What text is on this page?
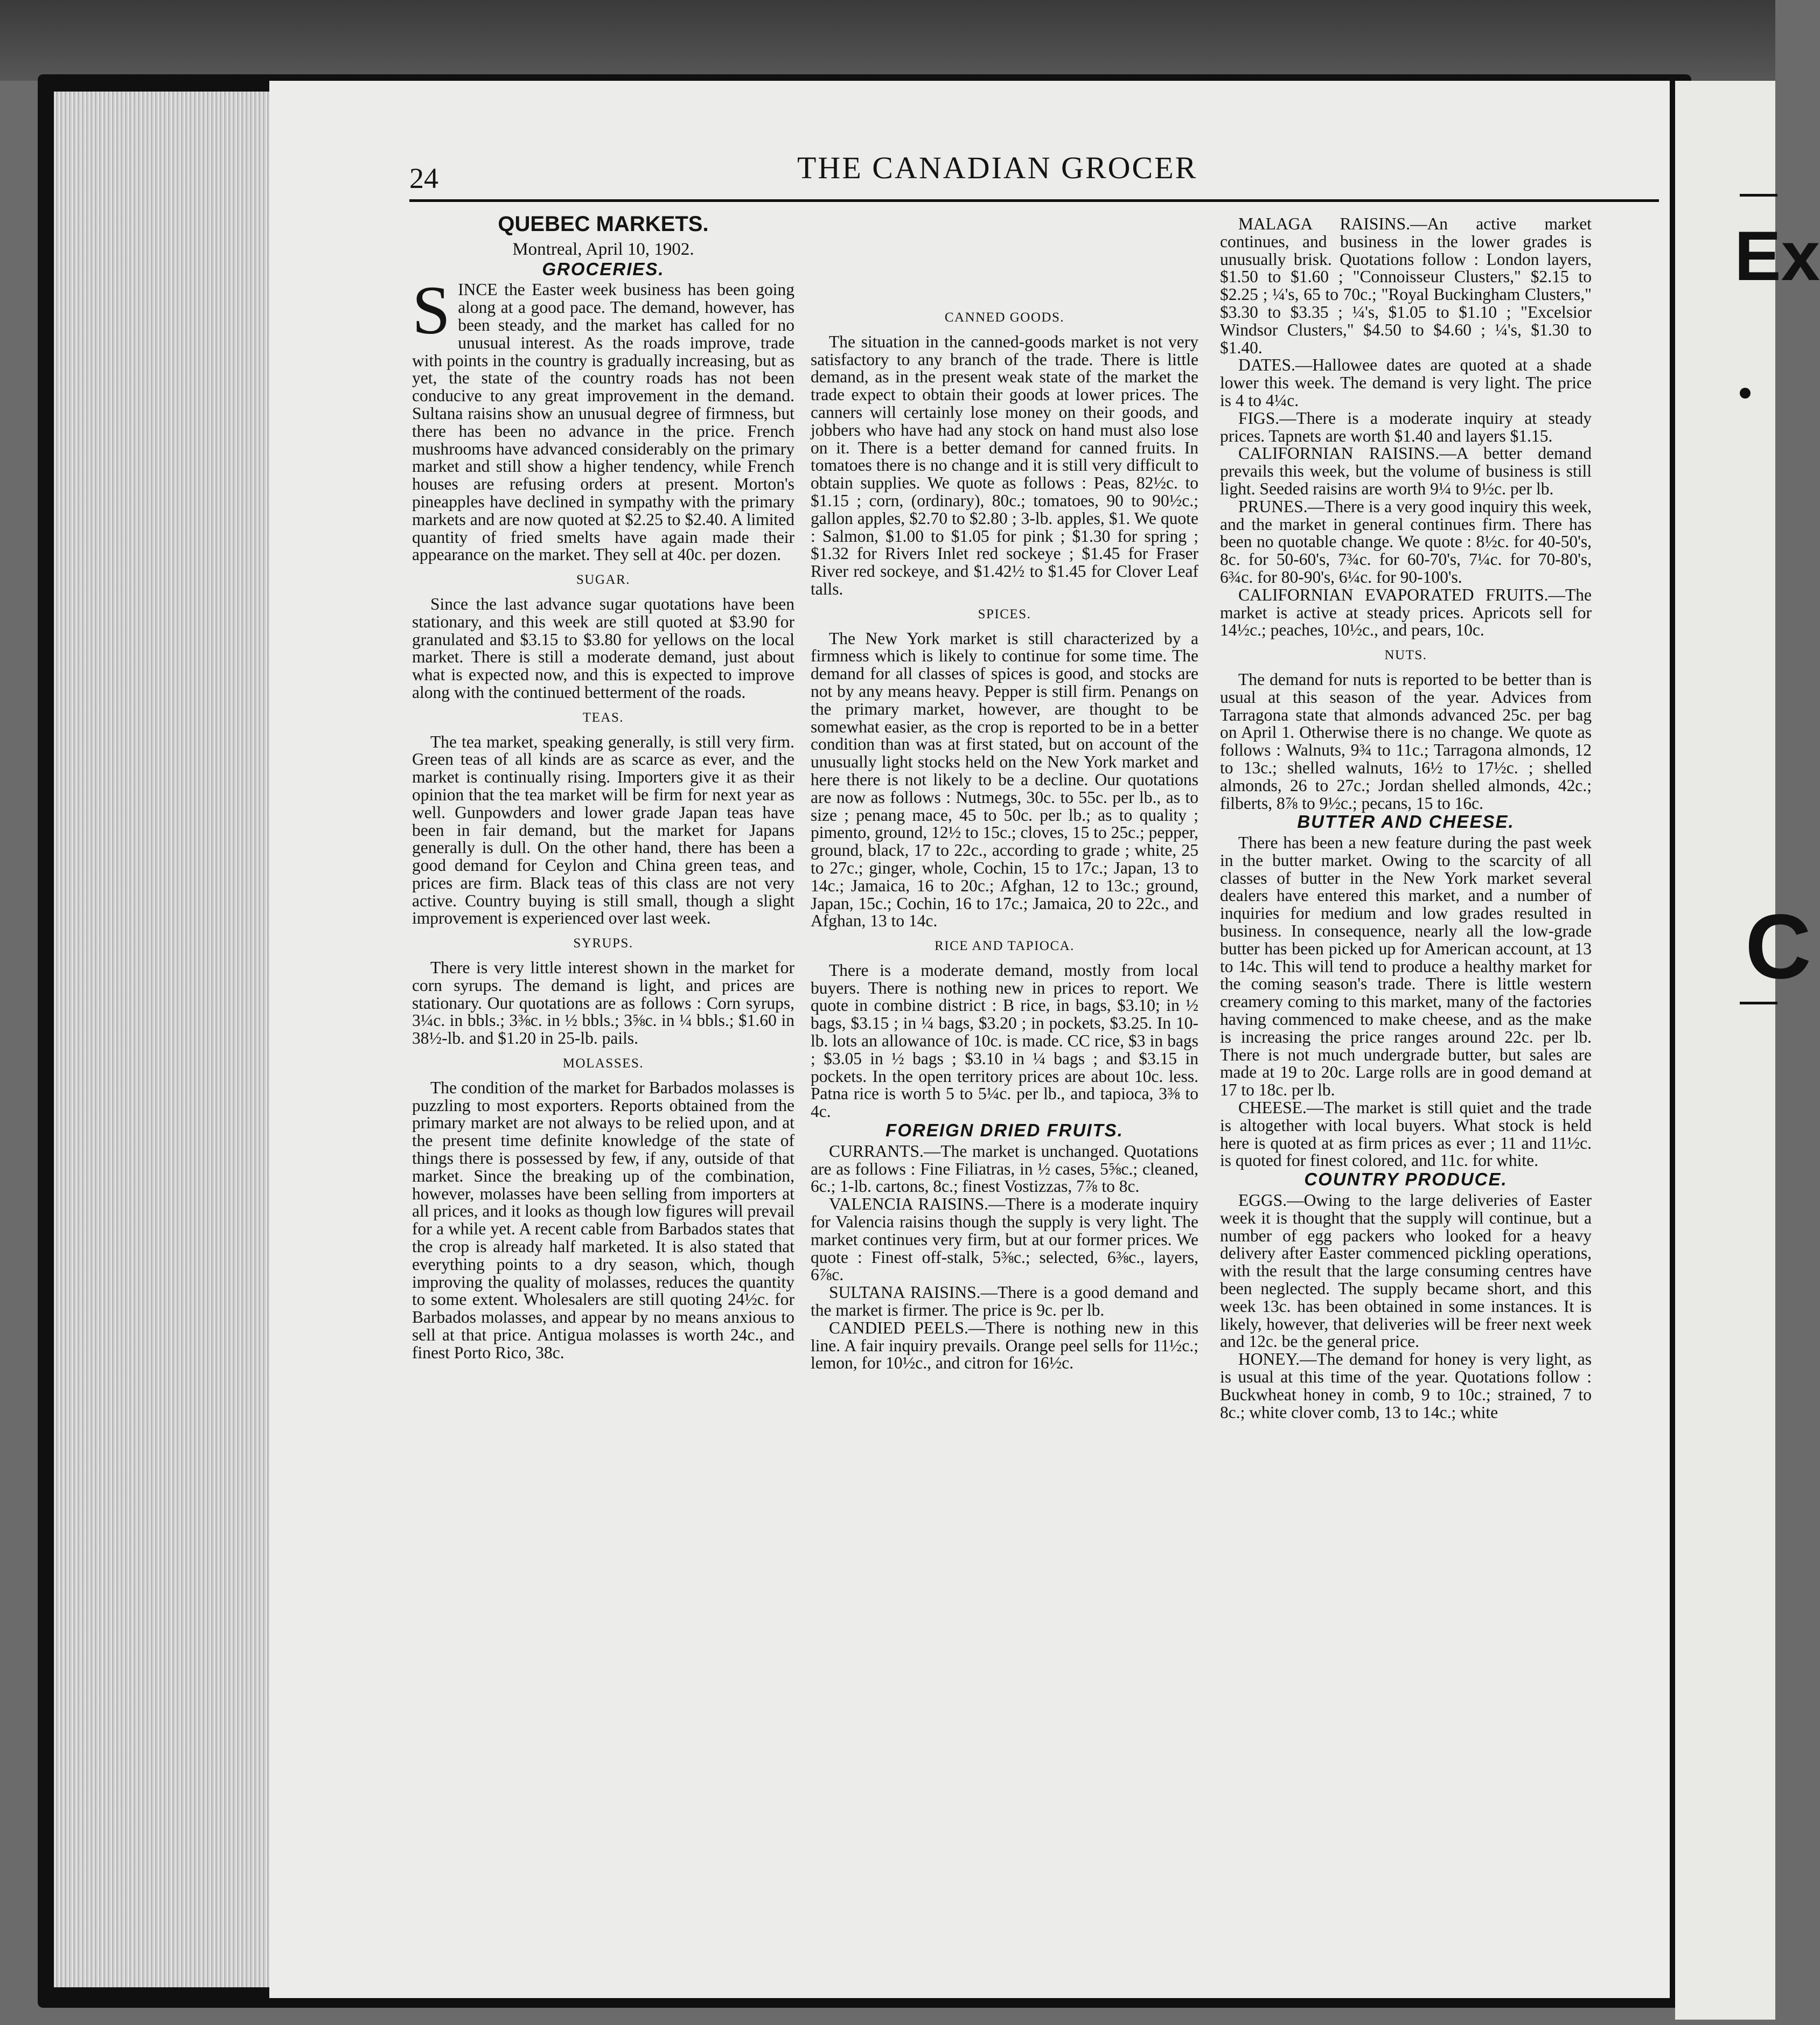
Ex
C
24	THE CANADIAN GROCER
QUEBEC MARKETS.
Montreal, April 10, 1902.
GROCERIES.

SINCE the Easter week business has been going along at a good pace. The demand, however, has been steady, and the market has called for no unusual interest. As the roads improve, trade with points in the country is gradually increasing, but as yet, the state of the country roads has not been conducive to any great improvement in the demand. Sultana raisins show an unusual degree of firmness, but there has been no advance in the price. French mushrooms have advanced considerably on the primary market and still show a higher tendency, while French houses are refusing orders at present. Morton's pineapples have declined in sympathy with the primary markets and are now quoted at $2.25 to $2.40. A limited quantity of fried smelts have again made their appearance on the market. They sell at 40c. per dozen.

SUGAR.

Since the last advance sugar quotations have been stationary, and this week are still quoted at $3.90 for granulated and $3.15 to $3.80 for yellows on the local market. There is still a moderate demand, just about what is expected now, and this is expected to improve along with the continued betterment of the roads.

TEAS.

The tea market, speaking generally, is still very firm. Green teas of all kinds are as scarce as ever, and the market is continually rising. Importers give it as their opinion that the tea market will be firm for next year as well. Gunpowders and lower grade Japan teas have been in fair demand, but the market for Japans generally is dull. On the other hand, there has been a good demand for Ceylon and China green teas, and prices are firm. Black teas of this class are not very active. Country buying is still small, though a slight improvement is experienced over last week.

SYRUPS.

There is very little interest shown in the market for corn syrups. The demand is light, and prices are stationary. Our quotations are as follows : Corn syrups, 3¼c. in bbls.; 3⅜c. in ½ bbls.; 3⅝c. in ¼ bbls.; $1.60 in 38½-lb. and $1.20 in 25-lb. pails.

MOLASSES.

The condition of the market for Barbados molasses is puzzling to most exporters. Reports obtained from the primary market are not always to be relied upon, and at the present time definite knowledge of the state of things there is possessed by few, if any, outside of that market. Since the breaking up of the combination, however, molasses have been selling from importers at all prices, and it looks as though low figures will prevail for a while yet. A recent cable from Barbados states that the crop is already half marketed. It is also stated that everything points to a dry season, which, though improving the quality of molasses, reduces the quantity to some extent. Wholesalers are still quoting 24½c. for Barbados molasses, and appear by no means anxious to sell at that price. Antigua molasses is worth 24c., and finest Porto Rico, 38c.

CANNED GOODS.

The situation in the canned-goods market is not very satisfactory to any branch of the trade. There is little demand, as in the present weak state of the market the trade expect to obtain their goods at lower prices. The canners will certainly lose money on their goods, and jobbers who have had any stock on hand must also lose on it. There is a better demand for canned fruits. In tomatoes there is no change and it is still very difficult to obtain supplies. We quote as follows : Peas, 82½c. to $1.15 ; corn, (ordinary), 80c.; tomatoes, 90 to 90½c.; gallon apples, $2.70 to $2.80 ; 3-lb. apples, $1. We quote : Salmon, $1.00 to $1.05 for pink ; $1.30 for spring ; $1.32 for Rivers Inlet red sockeye ; $1.45 for Fraser River red sockeye, and $1.42½ to $1.45 for Clover Leaf talls.

SPICES.

The New York market is still characterized by a firmness which is likely to continue for some time. The demand for all classes of spices is good, and stocks are not by any means heavy. Pepper is still firm. Penangs on the primary market, however, are thought to be somewhat easier, as the crop is reported to be in a better condition than was at first stated, but on account of the unusually light stocks held on the New York market and here there is not likely to be a decline. Our quotations are now as follows : Nutmegs, 30c. to 55c. per lb., as to size ; penang mace, 45 to 50c. per lb.; as to quality ; pimento, ground, 12½ to 15c.; cloves, 15 to 25c.; pepper, ground, black, 17 to 22c., according to grade ; white, 25 to 27c.; ginger, whole, Cochin, 15 to 17c.; Japan, 13 to 14c.; Jamaica, 16 to 20c.; Afghan, 12 to 13c.; ground, Japan, 15c.; Cochin, 16 to 17c.; Jamaica, 20 to 22c., and Afghan, 13 to 14c.

RICE AND TAPIOCA.

There is a moderate demand, mostly from local buyers. There is nothing new in prices to report. We quote in combine district : B rice, in bags, $3.10; in ½ bags, $3.15 ; in ¼ bags, $3.20 ; in pockets, $3.25. In 10-lb. lots an allowance of 10c. is made. CC rice, $3 in bags ; $3.05 in ½ bags ; $3.10 in ¼ bags ; and $3.15 in pockets. In the open territory prices are about 10c. less. Patna rice is worth 5 to 5¼c. per lb., and tapioca, 3⅜ to 4c.

FOREIGN DRIED FRUITS.

CURRANTS.—The market is unchanged. Quotations are as follows : Fine Filiatras, in ½ cases, 5⅝c.; cleaned, 6c.; 1-lb. cartons, 8c.; finest Vostizzas, 7⅞ to 8c.

VALENCIA RAISINS.—There is a moderate inquiry for Valencia raisins though the supply is very light. The market continues very firm, but at our former prices. We quote : Finest off-stalk, 5⅜c.; selected, 6⅜c., layers, 6⅞c.

SULTANA RAISINS.—There is a good demand and the market is firmer. The price is 9c. per lb.

CANDIED PEELS.—There is nothing new in this line. A fair inquiry prevails. Orange peel sells for 11½c.; lemon, for 10½c., and citron for 16½c.

MALAGA RAISINS.—An active market continues, and business in the lower grades is unusually brisk. Quotations follow : London layers, $1.50 to $1.60 ; "Connoisseur Clusters," $2.15 to $2.25 ; ¼'s, 65 to 70c.; "Royal Buckingham Clusters," $3.30 to $3.35 ; ¼'s, $1.05 to $1.10 ; "Excelsior Windsor Clusters," $4.50 to $4.60 ; ¼'s, $1.30 to $1.40.

DATES.—Hallowee dates are quoted at a shade lower this week. The demand is very light. The price is 4 to 4¼c.

FIGS.—There is a moderate inquiry at steady prices. Tapnets are worth $1.40 and layers $1.15.

CALIFORNIAN RAISINS.—A better demand prevails this week, but the volume of business is still light. Seeded raisins are worth 9¼ to 9½c. per lb.

PRUNES.—There is a very good inquiry this week, and the market in general continues firm. There has been no quotable change. We quote : 8½c. for 40-50's, 8c. for 50-60's, 7¾c. for 60-70's, 7¼c. for 70-80's, 6¾c. for 80-90's, 6¼c. for 90-100's.

CALIFORNIAN EVAPORATED FRUITS.—The market is active at steady prices. Apricots sell for 14½c.; peaches, 10½c., and pears, 10c.

NUTS.

The demand for nuts is reported to be better than is usual at this season of the year. Advices from Tarragona state that almonds advanced 25c. per bag on April 1. Otherwise there is no change. We quote as follows : Walnuts, 9¾ to 11c.; Tarragona almonds, 12 to 13c.; shelled walnuts, 16½ to 17½c. ; shelled almonds, 26 to 27c.; Jordan shelled almonds, 42c.; filberts, 8⅞ to 9½c.; pecans, 15 to 16c.

BUTTER AND CHEESE.

There has been a new feature during the past week in the butter market. Owing to the scarcity of all classes of butter in the New York market several dealers have entered this market, and a number of inquiries for medium and low grades resulted in business. In consequence, nearly all the low-grade butter has been picked up for American account, at 13 to 14c. This will tend to produce a healthy market for the coming season's trade. There is little western creamery coming to this market, many of the factories having commenced to make cheese, and as the make is increasing the price ranges around 22c. per lb. There is not much undergrade butter, but sales are made at 19 to 20c. Large rolls are in good demand at 17 to 18c. per lb.

CHEESE.—The market is still quiet and the trade is altogether with local buyers. What stock is held here is quoted at as firm prices as ever ; 11 and 11½c. is quoted for finest colored, and 11c. for white.

COUNTRY PRODUCE.

EGGS.—Owing to the large deliveries of Easter week it is thought that the supply will continue, but a number of egg packers who looked for a heavy delivery after Easter commenced pickling operations, with the result that the large consuming centres have been neglected. The supply became short, and this week 13c. has been obtained in some instances. It is likely, however, that deliveries will be freer next week and 12c. be the general price.

HONEY.—The demand for honey is very light, as is usual at this time of the year. Quotations follow : Buckwheat honey in comb, 9 to 10c.; strained, 7 to 8c.; white clover comb, 13 to 14c.; white
